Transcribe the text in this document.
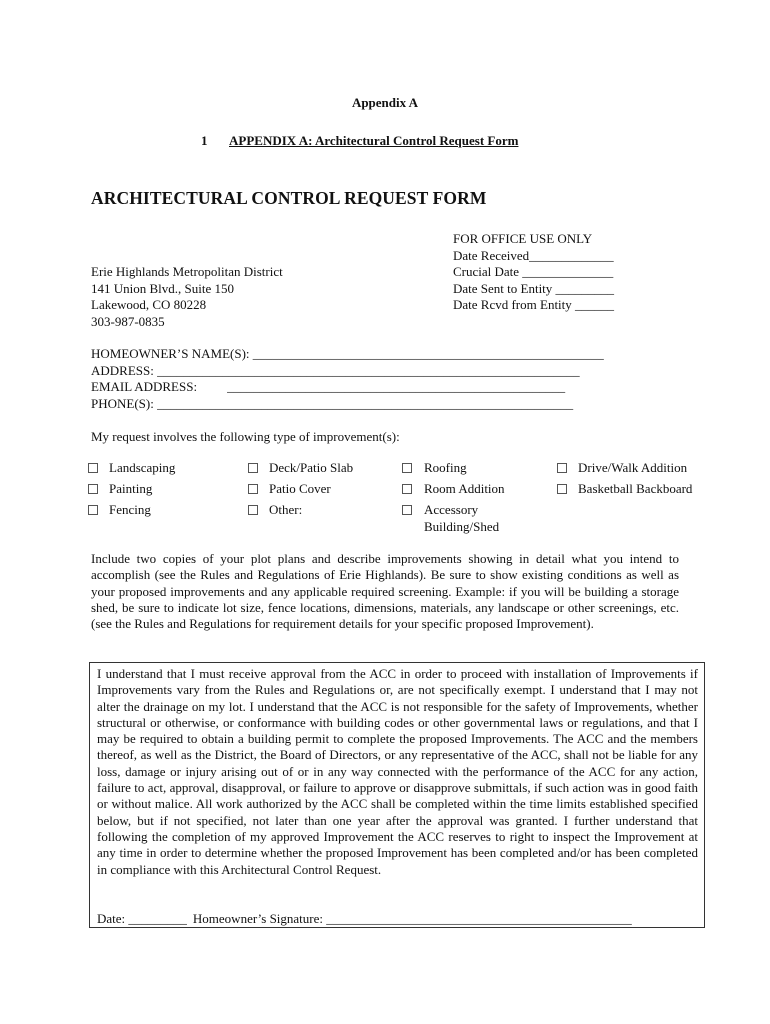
Appendix A
1 APPENDIX A: Architectural Control Request Form
ARCHITECTURAL CONTROL REQUEST FORM
FOR OFFICE USE ONLY
Date Received_____________
Crucial Date ______________
Date Sent to Entity _________
Date Rcvd from Entity ______
Erie Highlands Metropolitan District
141 Union Blvd., Suite 150
Lakewood, CO 80228
303-987-0835
HOMEOWNER’S NAME(S): ______________________________________________________
ADDRESS: _________________________________________________________________
EMAIL ADDRESS: ____________________________________________________
PHONE(S): ________________________________________________________________
My request involves the following type of improvement(s):
Landscaping
Painting
Fencing
Deck/Patio Slab
Patio Cover
Other:
Roofing
Room Addition
Accessory
Building/Shed
Drive/Walk Addition
Basketball Backboard
Include two copies of your plot plans and describe improvements showing in detail what you intend to accomplish (see the Rules and Regulations of Erie Highlands). Be sure to show existing conditions as well as your proposed improvements and any applicable required screening. Example: if you will be building a storage shed, be sure to indicate lot size, fence locations, dimensions, materials, any landscape or other screenings, etc. (see the Rules and Regulations for requirement details for your specific proposed Improvement).
I understand that I must receive approval from the ACC in order to proceed with installation of Improvements if Improvements vary from the Rules and Regulations or, are not specifically exempt. I understand that I may not alter the drainage on my lot. I understand that the ACC is not responsible for the safety of Improvements, whether structural or otherwise, or conformance with building codes or other governmental laws or regulations, and that I may be required to obtain a building permit to complete the proposed Improvements. The ACC and the members thereof, as well as the District, the Board of Directors, or any representative of the ACC, shall not be liable for any loss, damage or injury arising out of or in any way connected with the performance of the ACC for any action, failure to act, approval, disapproval, or failure to approve or disapprove submittals, if such action was in good faith or without malice. All work authorized by the ACC shall be completed within the time limits established specified below, but if not specified, not later than one year after the approval was granted. I further understand that following the completion of my approved Improvement the ACC reserves to right to inspect the Improvement at any time in order to determine whether the proposed Improvement has been completed and/or has been completed in compliance with this Architectural Control Request.
Date: _________ Homeowner’s Signature: _______________________________________________
